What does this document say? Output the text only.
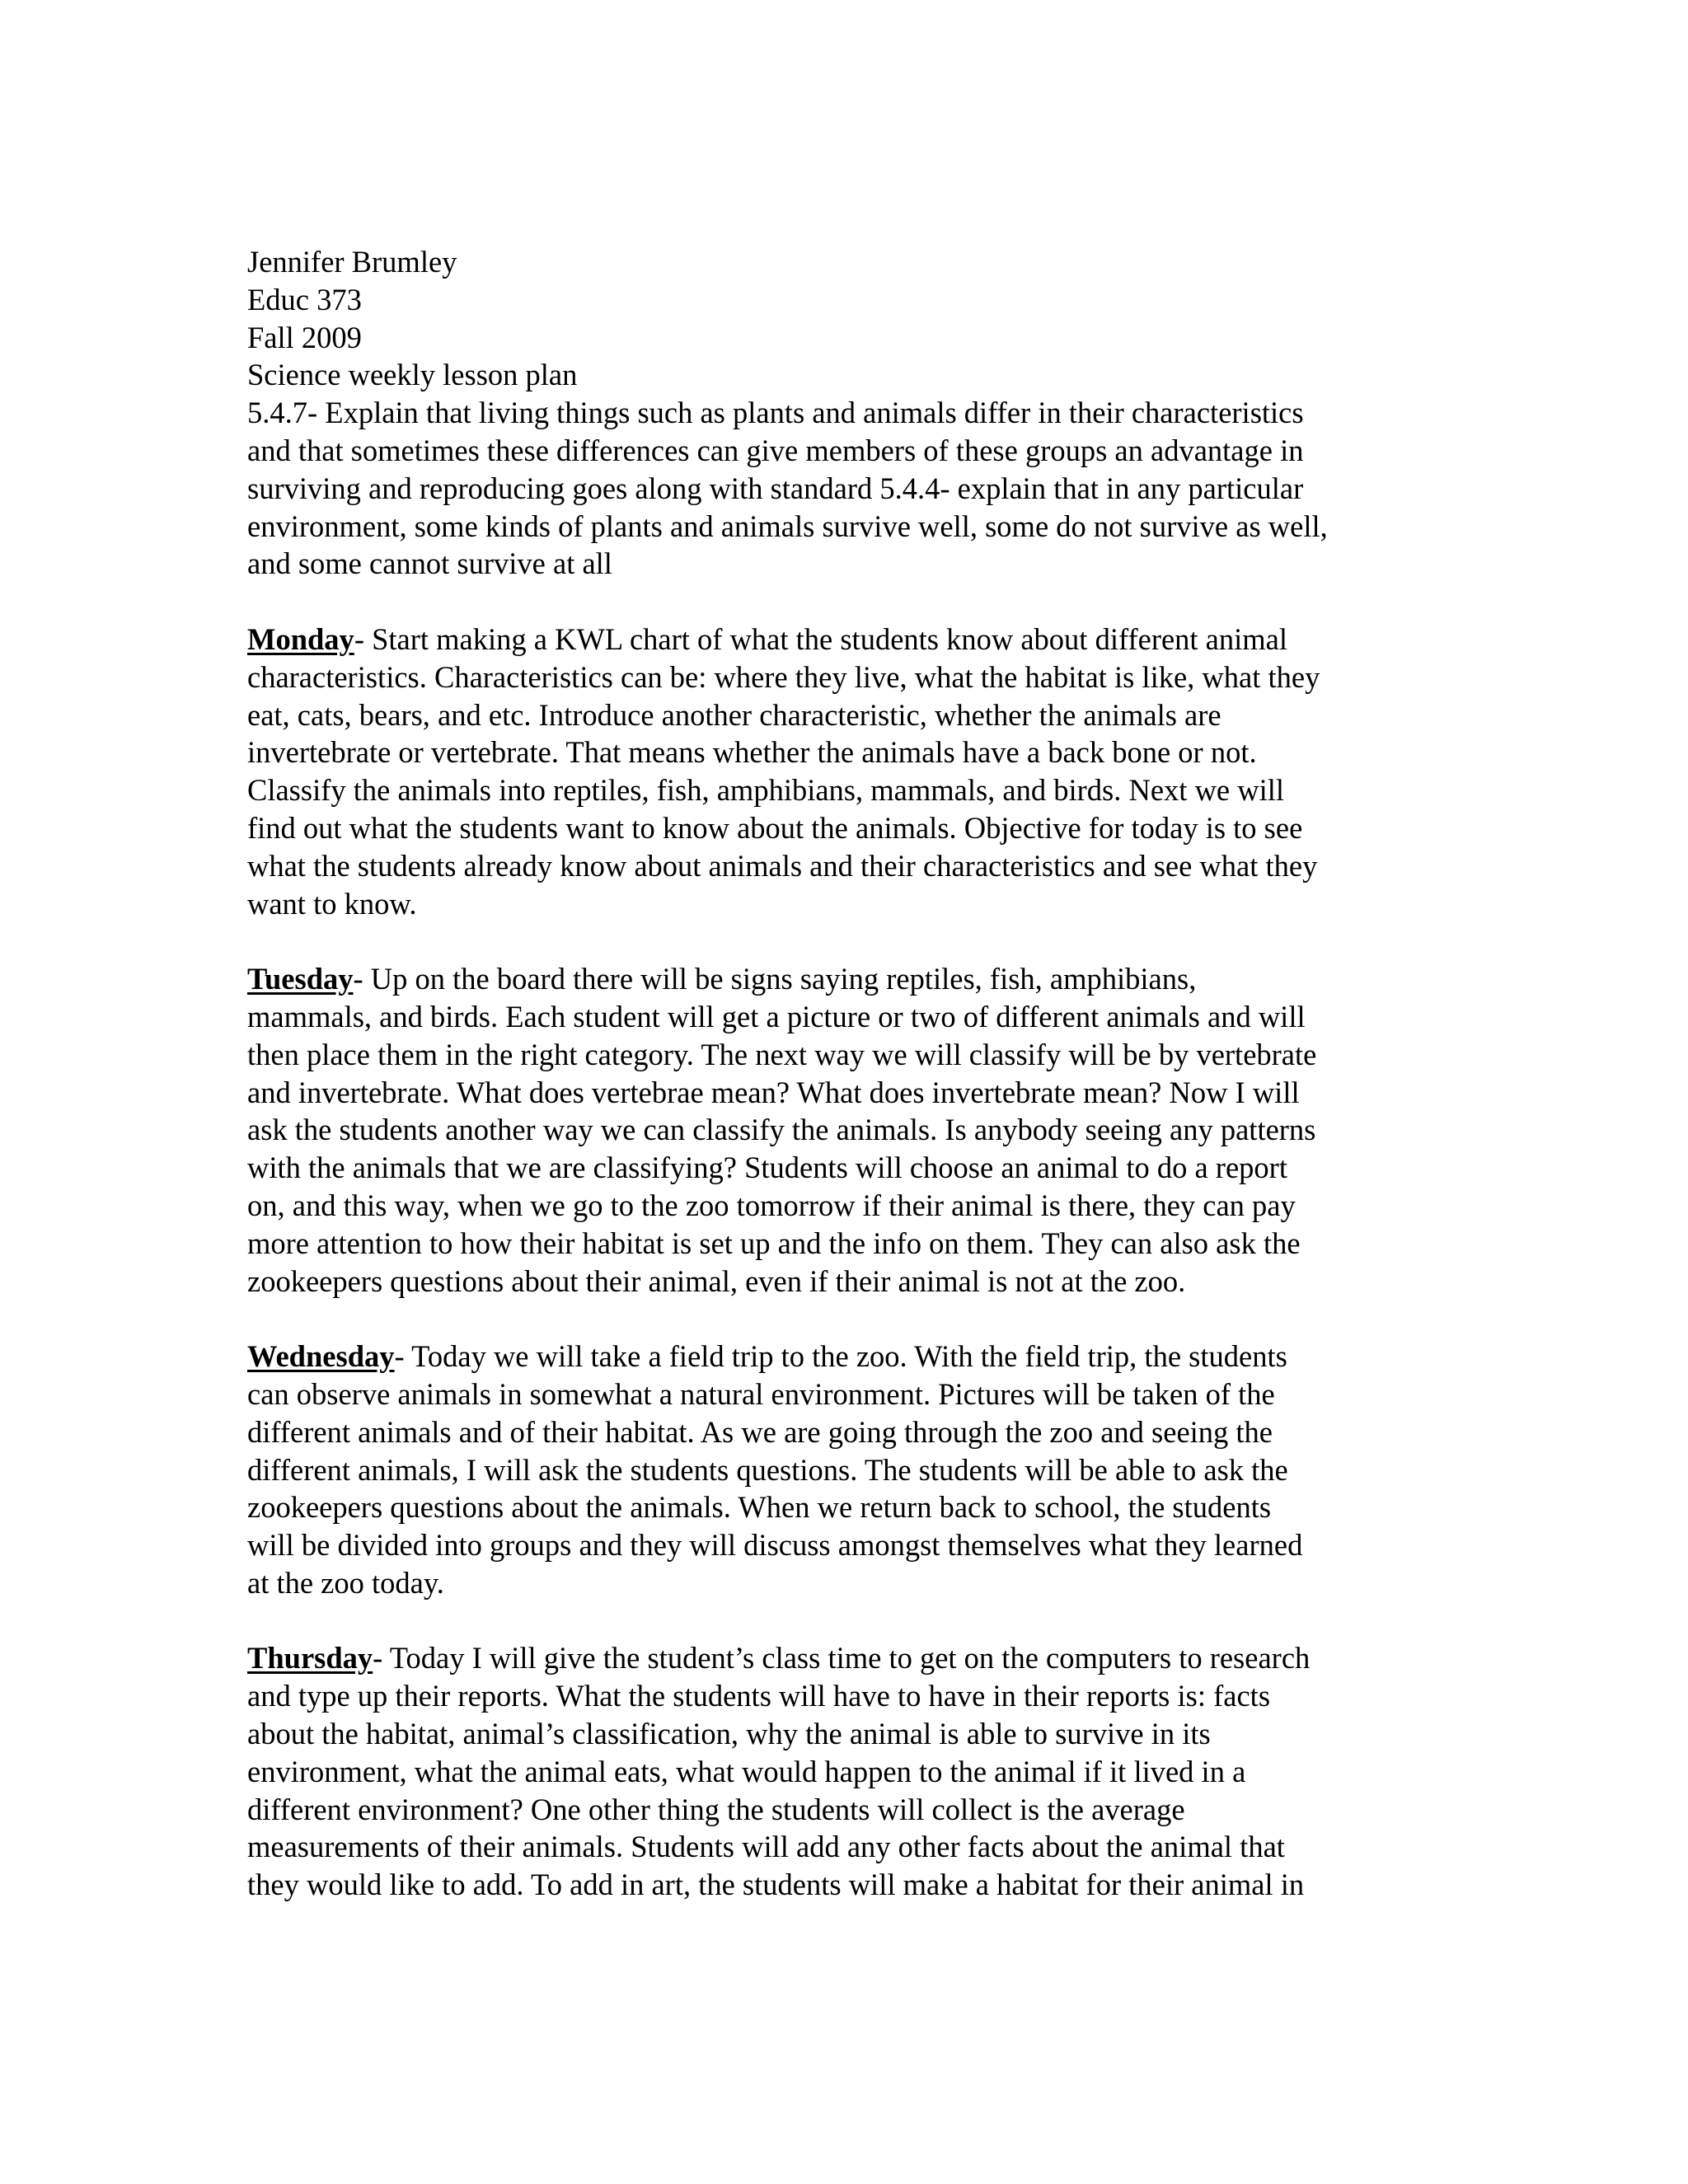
Jennifer Brumley
Educ 373
Fall 2009
Science weekly lesson plan
5.4.7- Explain that living things such as plants and animals differ in their characteristics
and that sometimes these differences can give members of these groups an advantage in
surviving and reproducing goes along with standard 5.4.4- explain that in any particular
environment, some kinds of plants and animals survive well, some do not survive as well,
and some cannot survive at all
Monday- Start making a KWL chart of what the students know about different animal
characteristics. Characteristics can be: where they live, what the habitat is like, what they
eat, cats, bears, and etc. Introduce another characteristic, whether the animals are
invertebrate or vertebrate. That means whether the animals have a back bone or not.
Classify the animals into reptiles, fish, amphibians, mammals, and birds. Next we will
find out what the students want to know about the animals. Objective for today is to see
what the students already know about animals and their characteristics and see what they
want to know.
Tuesday- Up on the board there will be signs saying reptiles, fish, amphibians,
mammals, and birds. Each student will get a picture or two of different animals and will
then place them in the right category. The next way we will classify will be by vertebrate
and invertebrate. What does vertebrae mean? What does invertebrate mean? Now I will
ask the students another way we can classify the animals. Is anybody seeing any patterns
with the animals that we are classifying? Students will choose an animal to do a report
on, and this way, when we go to the zoo tomorrow if their animal is there, they can pay
more attention to how their habitat is set up and the info on them. They can also ask the
zookeepers questions about their animal, even if their animal is not at the zoo.
Wednesday- Today we will take a field trip to the zoo. With the field trip, the students
can observe animals in somewhat a natural environment. Pictures will be taken of the
different animals and of their habitat. As we are going through the zoo and seeing the
different animals, I will ask the students questions. The students will be able to ask the
zookeepers questions about the animals. When we return back to school, the students
will be divided into groups and they will discuss amongst themselves what they learned
at the zoo today.
Thursday- Today I will give the student’s class time to get on the computers to research
and type up their reports. What the students will have to have in their reports is: facts
about the habitat, animal’s classification, why the animal is able to survive in its
environment, what the animal eats, what would happen to the animal if it lived in a
different environment? One other thing the students will collect is the average
measurements of their animals. Students will add any other facts about the animal that
they would like to add. To add in art, the students will make a habitat for their animal in
